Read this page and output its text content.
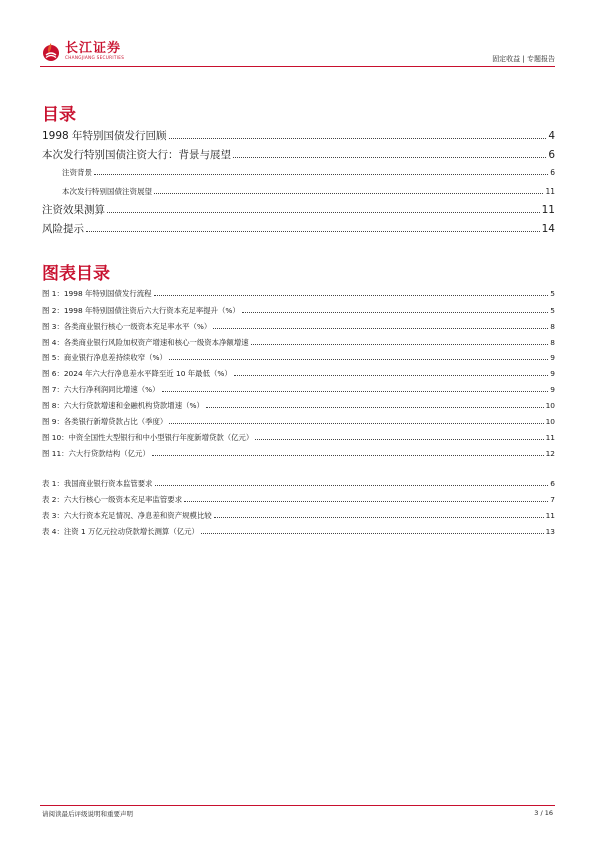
长江证券
CHANGJIANG SECURITIES	固定收益 | 专题报告
目录
1998 年特别国债发行回顾	4
本次发行特别国债注资大行：背景与展望	6
注资背景	6
本次发行特别国债注资展望	11
注资效果测算	11
风险提示	14
图表目录
图 1：1998 年特别国债发行流程	5
图 2：1998 年特别国债注资后六大行资本充足率提升（%）	5
图 3：各类商业银行核心一级资本充足率水平（%）	8
图 4：各类商业银行风险加权资产增速和核心一级资本净额增速	8
图 5：商业银行净息差持续收窄（%）	9
图 6：2024 年六大行净息差水平降至近 10 年最低（%）	9
图 7：六大行净利润同比增速（%）	9
图 8：六大行贷款增速和金融机构贷款增速（%）	10
图 9：各类银行新增贷款占比（季度）	10
图 10：中资全国性大型银行和中小型银行年度新增贷款（亿元）	11
图 11：六大行贷款结构（亿元）	12
表 1：我国商业银行资本监管要求	6
表 2：六大行核心一级资本充足率监管要求	7
表 3：六大行资本充足情况、净息差和资产规模比较	11
表 4：注资 1 万亿元拉动贷款增长测算（亿元）	13
请阅读最后评级说明和重要声明	3 / 16
